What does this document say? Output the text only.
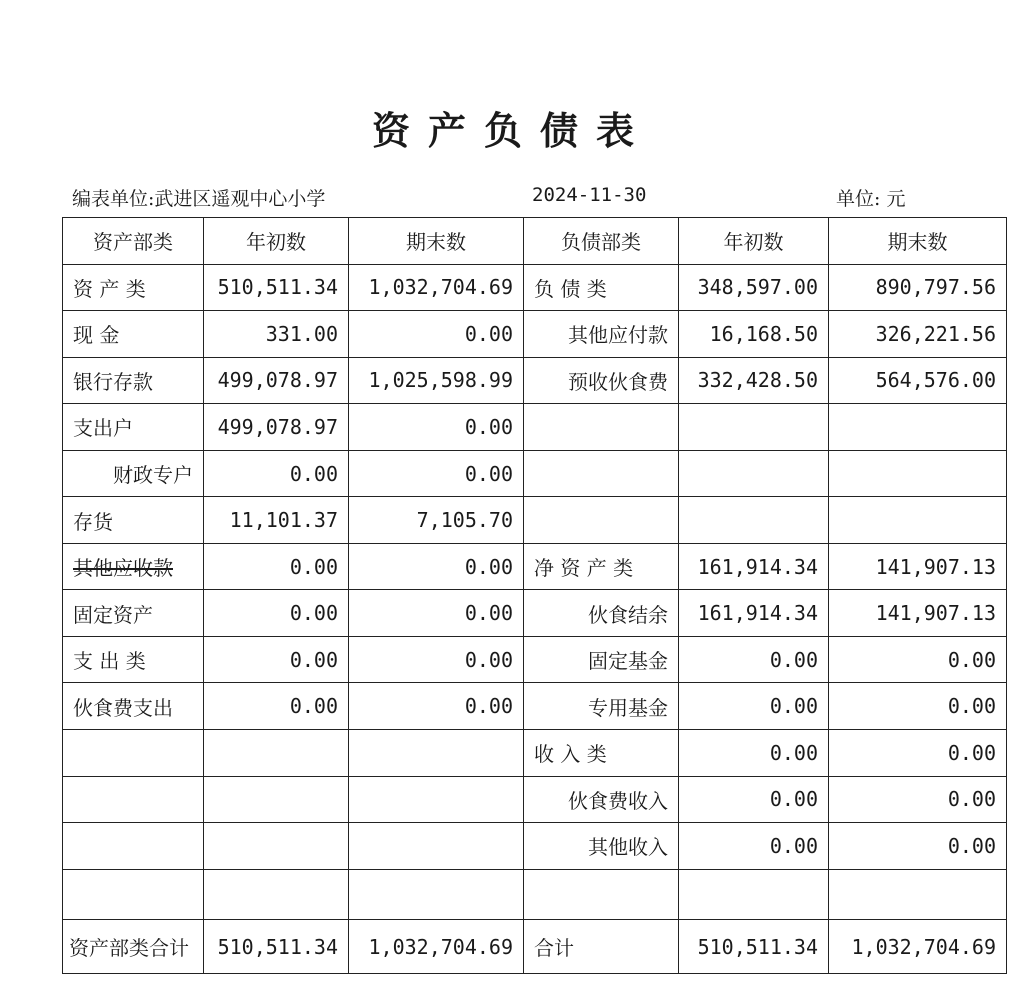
资产负债表
编表单位:武进区遥观中心小学	2024-11-30	单位: 元
资产部类	年初数	期末数	负债部类	年初数	期末数
资 产 类	510,511.34	1,032,704.69	负 债 类	348,597.00	890,797.56
现 金	331.00	0.00	其他应付款	16,168.50	326,221.56
银行存款	499,078.97	1,025,598.99	预收伙食费	332,428.50	564,576.00
支出户	499,078.97	0.00			
财政专户	0.00	0.00			
存货	11,101.37	7,105.70			
其他应收款	0.00	0.00	净 资 产 类	161,914.34	141,907.13
固定资产	0.00	0.00	伙食结余	161,914.34	141,907.13
支 出 类	0.00	0.00	固定基金	0.00	0.00
伙食费支出	0.00	0.00	专用基金	0.00	0.00
			收 入 类	0.00	0.00
			伙食费收入	0.00	0.00
			其他收入	0.00	0.00

资产部类合计	510,511.34	1,032,704.69	合计	510,511.34	1,032,704.69
